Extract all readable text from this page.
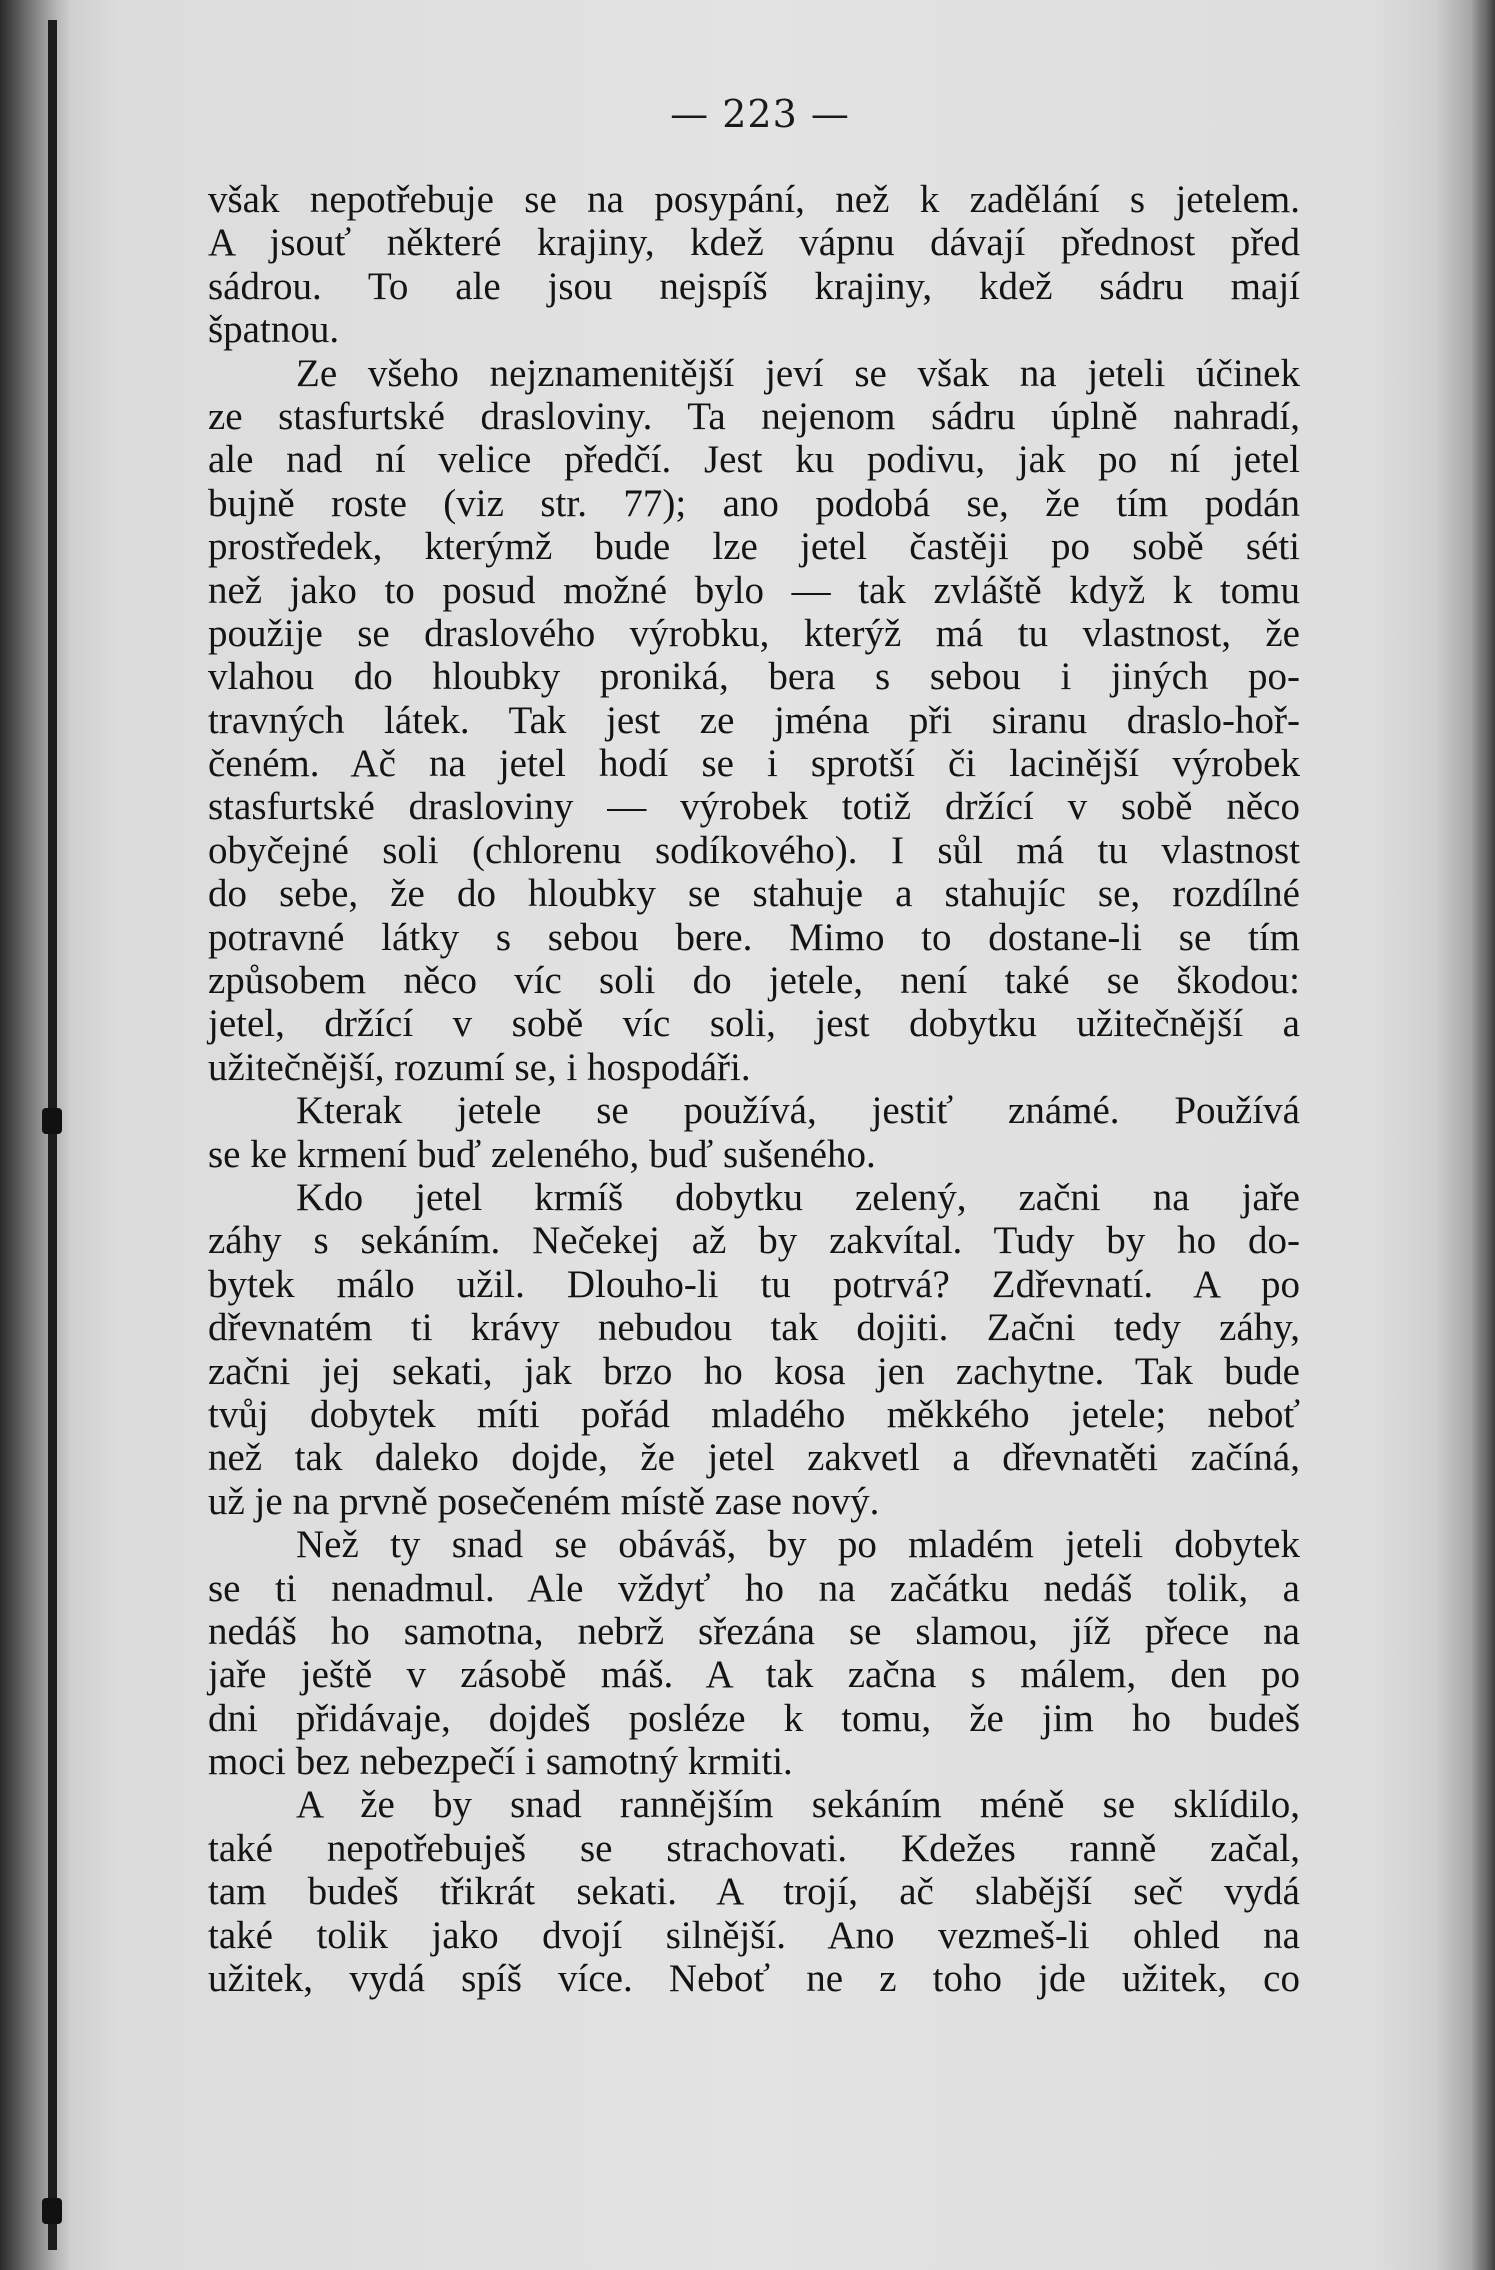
— 223 —
však nepotřebuje se na posypání, než k zadělání s jetelem.
A jsouť některé krajiny, kdež vápnu dávají přednost před
sádrou. To ale jsou nejspíš krajiny, kdež sádru mají
špatnou.
Ze všeho nejznamenitější jeví se však na jeteli účinek
ze stasfurtské drasloviny. Ta nejenom sádru úplně nahradí,
ale nad ní velice předčí. Jest ku podivu, jak po ní jetel
bujně roste (viz str. 77); ano podobá se, že tím podán
prostředek, kterýmž bude lze jetel častěji po sobě séti
než jako to posud možné bylo — tak zvláště když k tomu
použije se draslového výrobku, kterýž má tu vlastnost, že
vlahou do hloubky proniká, bera s sebou i jiných po-
travných látek. Tak jest ze jména při siranu draslo-hoř-
čeném. Ač na jetel hodí se i sprotší či lacinější výrobek
stasfurtské drasloviny — výrobek totiž držící v sobě něco
obyčejné soli (chlorenu sodíkového). I sůl má tu vlastnost
do sebe, že do hloubky se stahuje a stahujíc se, rozdílné
potravné látky s sebou bere. Mimo to dostane-li se tím
způsobem něco víc soli do jetele, není také se škodou:
jetel, držící v sobě víc soli, jest dobytku užitečnější a
užitečnější, rozumí se, i hospodáři.
Kterak jetele se používá, jestiť známé. Používá
se ke krmení buď zeleného, buď sušeného.
Kdo jetel krmíš dobytku zelený, začni na jaře
záhy s sekáním. Nečekej až by zakvítal. Tudy by ho do-
bytek málo užil. Dlouho-li tu potrvá? Zdřevnatí. A po
dřevnatém ti krávy nebudou tak dojiti. Začni tedy záhy,
začni jej sekati, jak brzo ho kosa jen zachytne. Tak bude
tvůj dobytek míti pořád mladého měkkého jetele; neboť
než tak daleko dojde, že jetel zakvetl a dřevnatěti začíná,
už je na prvně posečeném místě zase nový.
Než ty snad se obáváš, by po mladém jeteli dobytek
se ti nenadmul. Ale vždyť ho na začátku nedáš tolik, a
nedáš ho samotna, nebrž sřezána se slamou, jíž přece na
jaře ještě v zásobě máš. A tak začna s málem, den po
dni přidávaje, dojdeš posléze k tomu, že jim ho budeš
moci bez nebezpečí i samotný krmiti.
A že by snad rannějším sekáním méně se sklídilo,
také nepotřebuješ se strachovati. Kdežes ranně začal,
tam budeš třikrát sekati. A trojí, ač slabější seč vydá
také tolik jako dvojí silnější. Ano vezmeš-li ohled na
užitek, vydá spíš více. Neboť ne z toho jde užitek, co
